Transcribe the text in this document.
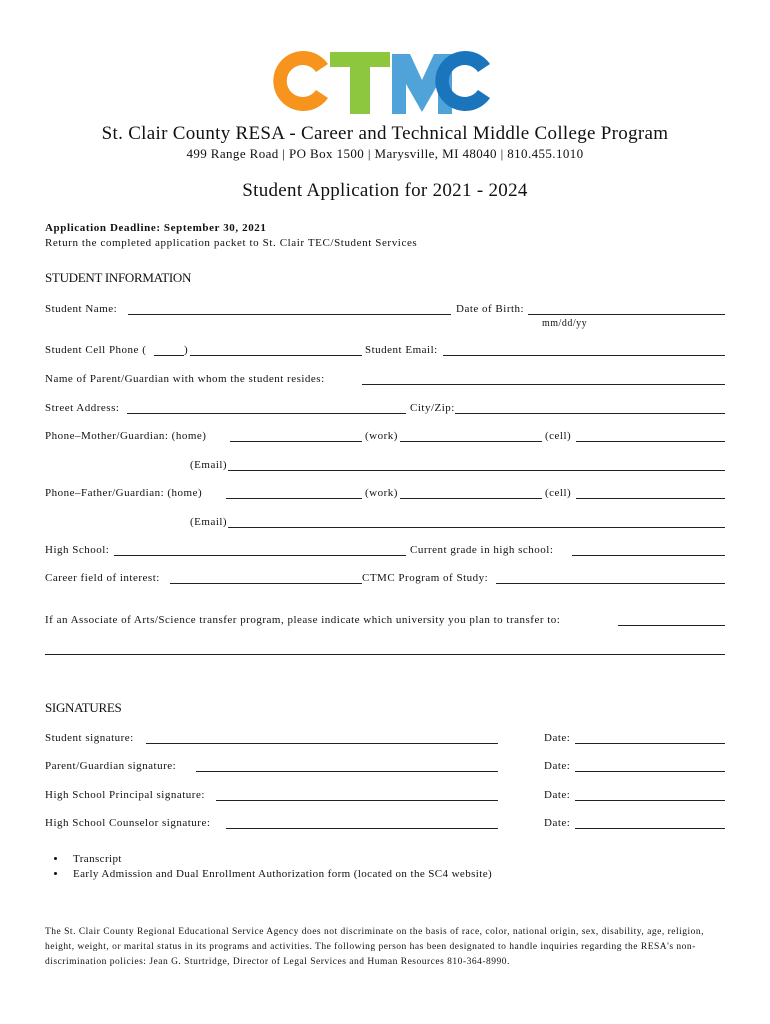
St. Clair County RESA - Career and Technical Middle College Program
499 Range Road | PO Box 1500 | Marysville, MI 48040 | 810.455.1010
Student Application for 2021 - 2024
Application Deadline: September 30, 2021
Return the completed application packet to St. Clair TEC/Student Services
STUDENT INFORMATION
Student Name:	Date of Birth:
mm/dd/yy
Student Cell Phone (	)	Student Email:
Name of Parent/Guardian with whom the student resides:
Street Address:	City/Zip:
Phone–Mother/Guardian: (home)	(work)	(cell)
(Email)
Phone–Father/Guardian: (home)	(work)	(cell)
(Email)
High School:	Current grade in high school:
Career field of interest:	CTMC Program of Study:
If an Associate of Arts/Science transfer program, please indicate which university you plan to transfer to:
SIGNATURES
Student signature:	Date:
Parent/Guardian signature:	Date:
High School Principal signature:	Date:
High School Counselor signature:	Date:
• Transcript
• Early Admission and Dual Enrollment Authorization form (located on the SC4 website)
The St. Clair County Regional Educational Service Agency does not discriminate on the basis of race, color, national origin, sex, disability, age, religion, height, weight, or marital status in its programs and activities. The following person has been designated to handle inquiries regarding the RESA's non-discrimination policies: Jean G. Sturtridge, Director of Legal Services and Human Resources 810-364-8990.
